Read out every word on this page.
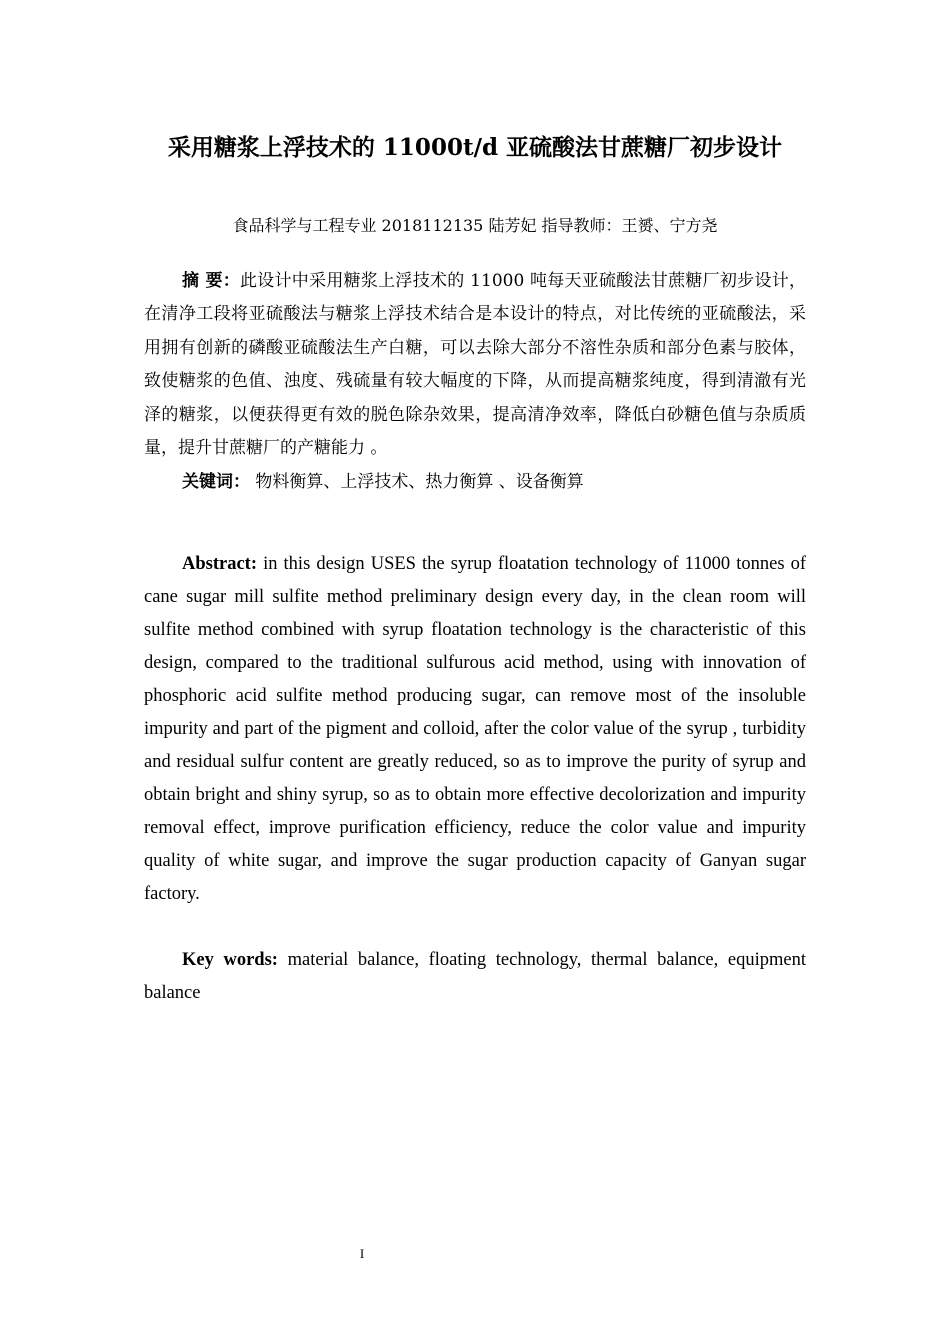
采用糖浆上浮技术的 11000t/d 亚硫酸法甘蔗糖厂初步设计
食品科学与工程专业 2018112135 陆芳妃 指导教师：王赟、宁方尧

摘 要：此设计中采用糖浆上浮技术的 11000 吨每天亚硫酸法甘蔗糖厂初步设计，在清净工段将亚硫酸法与糖浆上浮技术结合是本设计的特点，对比传统的亚硫酸法，采用拥有创新的磷酸亚硫酸法生产白糖，可以去除大部分不溶性杂质和部分色素与胶体，致使糖浆的色值、浊度、残硫量有较大幅度的下降，从而提高糖浆纯度，得到清澈有光泽的糖浆，以便获得更有效的脱色除杂效果，提高清净效率，降低白砂糖色值与杂质质量，提升甘蔗糖厂的产糖能力 。

关键词： 物料衡算、上浮技术、热力衡算 、设备衡算

Abstract: in this design USES the syrup floatation technology of 11000 tonnes of cane sugar mill sulfite method preliminary design every day, in the clean room will sulfite method combined with syrup floatation technology is the characteristic of this design, compared to the traditional sulfurous acid method, using with innovation of phosphoric acid sulfite method producing sugar, can remove most of the insoluble impurity and part of the pigment and colloid, after the color value of the syrup , turbidity and residual sulfur content are greatly reduced, so as to improve the purity of syrup and obtain bright and shiny syrup, so as to obtain more effective decolorization and impurity removal effect, improve purification efficiency, reduce the color value and impurity quality of white sugar, and improve the sugar production capacity of Ganyan sugar factory.

Key words: material balance, floating technology, thermal balance, equipment balance

I
